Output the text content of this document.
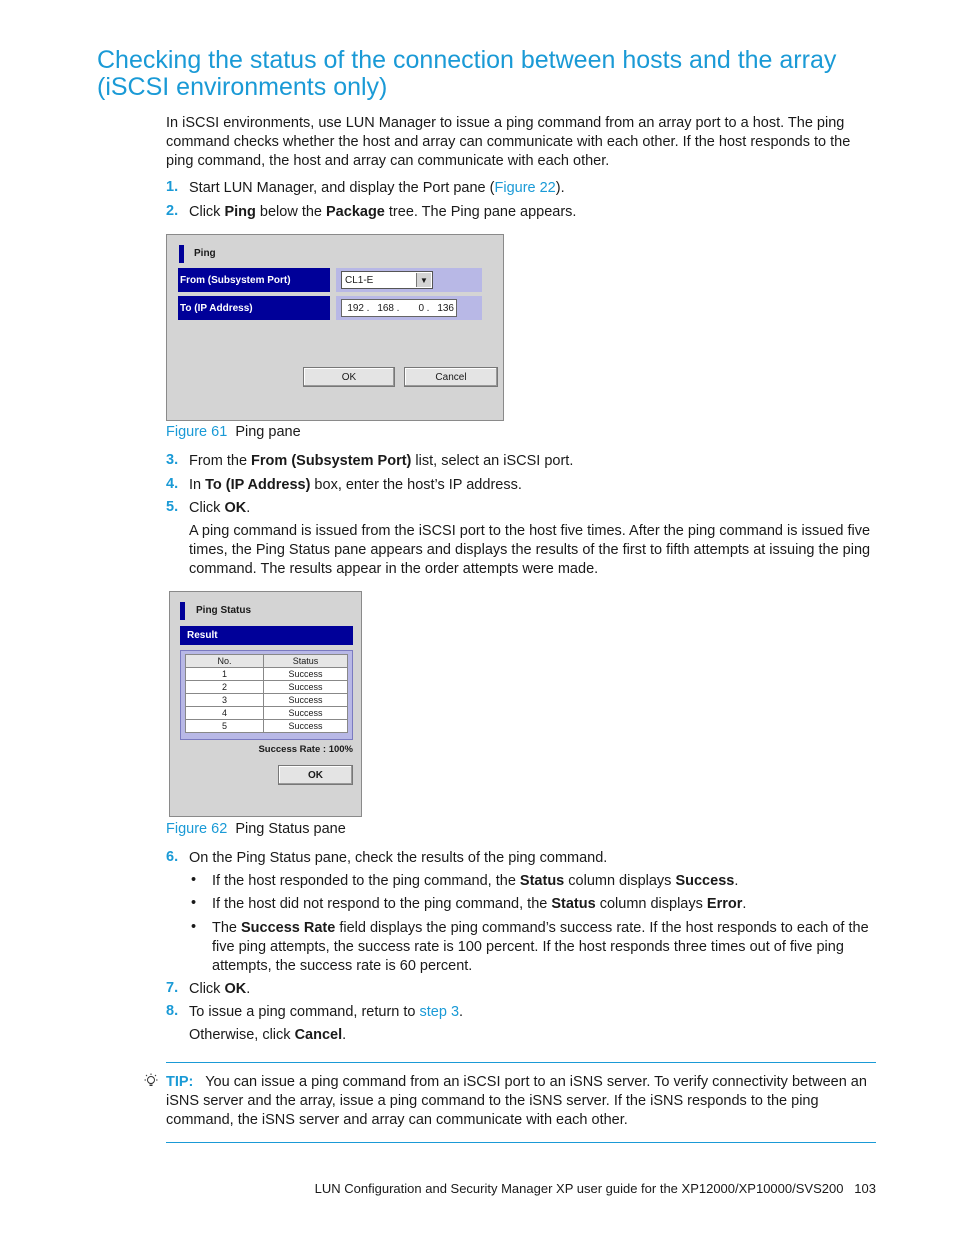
Checking the status of the connection between hosts and the array
(iSCSI environments only)
In iSCSI environments, use LUN Manager to issue a ping command from an array port to a host. The ping command checks whether the host and array can communicate with each other. If the host responds to the ping command, the host and array can communicate with each other.
1. Start LUN Manager, and display the Port pane (Figure 22).
2. Click Ping below the Package tree. The Ping pane appears.
Ping
From (Subsystem Port)	CL1-E	▼
To (IP Address)	192 . 168 .	0 . 136
OK	Cancel
Figure 61 Ping pane
3. From the From (Subsystem Port) list, select an iSCSI port.
4. In To (IP Address) box, enter the host’s IP address.
5. Click OK.
A ping command is issued from the iSCSI port to the host five times. After the ping command is issued five times, the Ping Status pane appears and displays the results of the first to fifth attempts at issuing the ping command. The results appear in the order attempts were made.
Ping Status
Result
No.	Status
1	Success
2	Success
3	Success
4	Success
5	Success
Success Rate : 100%
OK
Figure 62 Ping Status pane
6. On the Ping Status pane, check the results of the ping command.
• If the host responded to the ping command, the Status column displays Success.
• If the host did not respond to the ping command, the Status column displays Error.
• The Success Rate field displays the ping command’s success rate. If the host responds to each of the five ping attempts, the success rate is 100 percent. If the host responds three times out of five ping attempts, the success rate is 60 percent.
7. Click OK.
8. To issue a ping command, return to step 3.
Otherwise, click Cancel.
TIP: You can issue a ping command from an iSCSI port to an iSNS server. To verify connectivity between an iSNS server and the array, issue a ping command to the iSNS server. If the iSNS responds to the ping command, the iSNS server and array can communicate with each other.
LUN Configuration and Security Manager XP user guide for the XP12000/XP10000/SVS200 103
